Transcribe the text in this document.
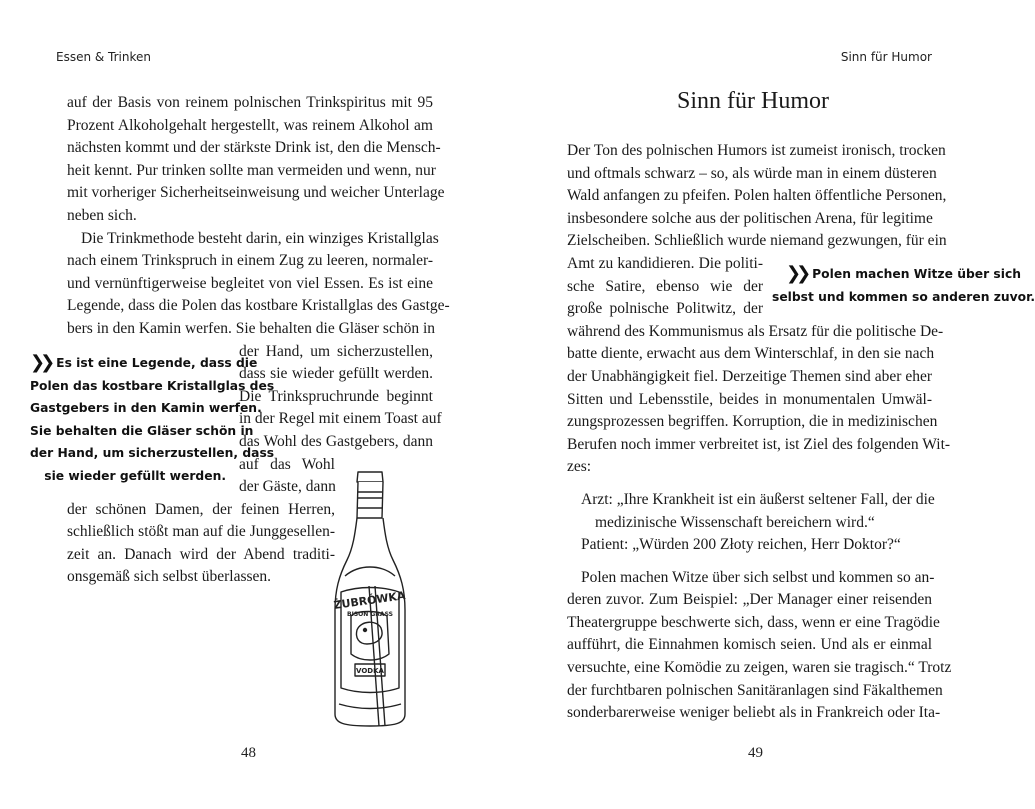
Essen & Trinken

auf der Basis von reinem polnischen Trinkspiritus mit 95
Prozent Alkoholgehalt hergestellt, was reinem Alkohol am
nächsten kommt und der stärkste Drink ist, den die Mensch-
heit kennt. Pur trinken sollte man vermeiden und wenn, nur
mit vorheriger Sicherheitseinweisung und weicher Unterlage
neben sich.

Die Trinkmethode besteht darin, ein winziges Kristallglas
nach einem Trinkspruch in einem Zug zu leeren, normaler-
und vernünftigerweise begleitet von viel Essen. Es ist eine
Legende, dass die Polen das kostbare Kristallglas des Gastge-
bers in den Kamin werfen. Sie behalten die Gläser schön in

der Hand, um sicherzustellen,
dass sie wieder gefüllt werden.
Die Trinkspruchrunde beginnt
in der Regel mit einem Toast auf
das Wohl des Gastgebers, dann
auf das Wohl
der Gäste, dann
der schönen Damen, der feinen Herren,
schließlich stößt man auf die Junggesellen-
zeit an. Danach wird der Abend traditi-
onsgemäß sich selbst überlassen.
❯❯ Es ist eine Legende, dass die
Polen das kostbare Kristallglas des
Gastgebers in den Kamin werfen.
Sie behalten die Gläser schön in
der Hand, um sicherzustellen, dass
sie wieder gefüllt werden.
ŻUBRÓWKA
BISON GRASS
VODKA
48
Sinn für Humor
Sinn für Humor
Der Ton des polnischen Humors ist zumeist ironisch, trocken
und oftmals schwarz – so, als würde man in einem düsteren
Wald anfangen zu pfeifen. Polen halten öffentliche Personen,
insbesondere solche aus der politischen Arena, für legitime
Zielscheiben. Schließlich wurde niemand gezwungen, für ein
Amt zu kandidieren. Die politi-
sche Satire, ebenso wie der
große polnische Politwitz, der
während des Kommunismus als Ersatz für die politische De-
batte diente, erwacht aus dem Winterschlaf, in den sie nach
der Unabhängigkeit fiel. Derzeitige Themen sind aber eher
Sitten und Lebensstile, beides in monumentalen Umwäl-
zungsprozessen begriffen. Korruption, die in medizinischen
Berufen noch immer verbreitet ist, ist Ziel des folgenden Wit-
zes:
Arzt: „Ihre Krankheit ist ein äußerst seltener Fall, der die
medizinische Wissenschaft bereichern wird.“
Patient: „Würden 200 Złoty reichen, Herr Doktor?“
Polen machen Witze über sich selbst und kommen so an-
deren zuvor. Zum Beispiel: „Der Manager einer reisenden
Theatergruppe beschwerte sich, dass, wenn er eine Tragödie
aufführt, die Einnahmen komisch seien. Und als er einmal
versuchte, eine Komödie zu zeigen, waren sie tragisch.“ Trotz
der furchtbaren polnischen Sanitäranlagen sind Fäkalthemen
sonderbarerweise weniger beliebt als in Frankreich oder Ita-
❯❯ Polen machen Witze über sich
selbst und kommen so anderen zuvor.
49
